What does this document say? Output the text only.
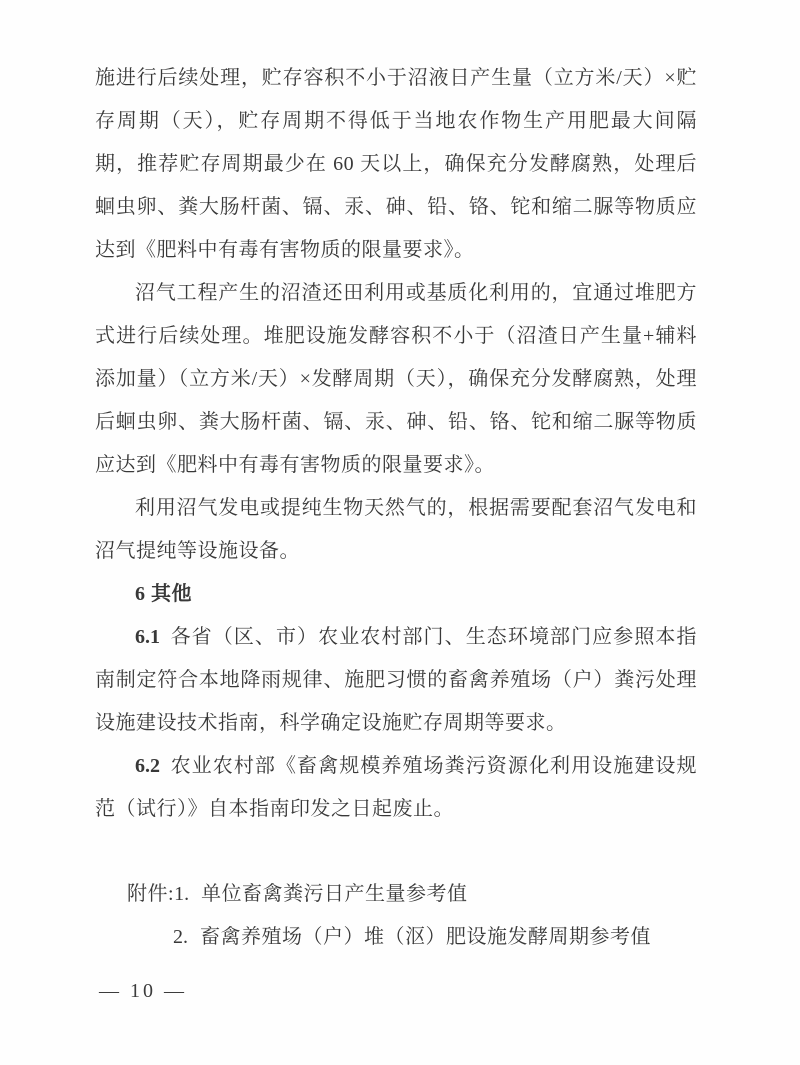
施进行后续处理，贮存容积不小于沼液日产生量（立方米/天）×贮存周期（天），贮存周期不得低于当地农作物生产用肥最大间隔期，推荐贮存周期最少在 60 天以上，确保充分发酵腐熟，处理后蛔虫卵、粪大肠杆菌、镉、汞、砷、铅、铬、铊和缩二脲等物质应达到《肥料中有毒有害物质的限量要求》。

沼气工程产生的沼渣还田利用或基质化利用的，宜通过堆肥方式进行后续处理。堆肥设施发酵容积不小于（沼渣日产生量+辅料添加量）（立方米/天）×发酵周期（天），确保充分发酵腐熟，处理后蛔虫卵、粪大肠杆菌、镉、汞、砷、铅、铬、铊和缩二脲等物质应达到《肥料中有毒有害物质的限量要求》。

利用沼气发电或提纯生物天然气的，根据需要配套沼气发电和沼气提纯等设施设备。

6 其他

6.1 各省（区、市）农业农村部门、生态环境部门应参照本指南制定符合本地降雨规律、施肥习惯的畜禽养殖场（户）粪污处理设施建设技术指南，科学确定设施贮存周期等要求。

6.2 农业农村部《畜禽规模养殖场粪污资源化利用设施建设规范（试行）》自本指南印发之日起废止。

附件:1. 单位畜禽粪污日产生量参考值
2. 畜禽养殖场（户）堆（沤）肥设施发酵周期参考值
— 10 —
